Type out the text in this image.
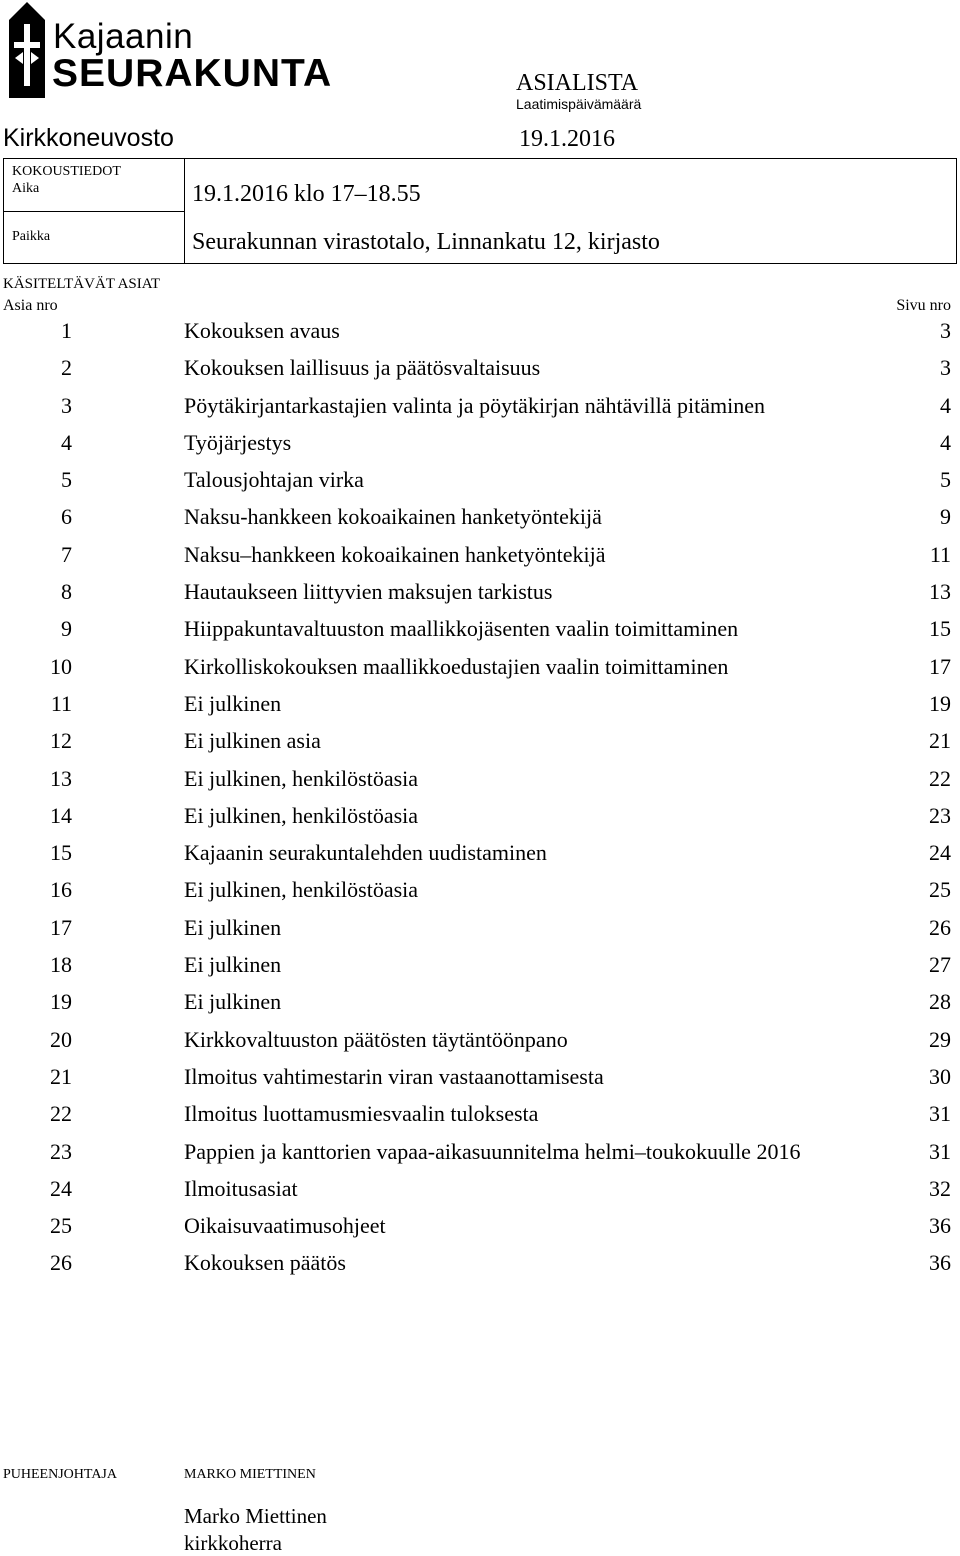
Kajaanin
SEURAKUNTA	ASIALISTA
Laatimispäivämäärä
Kirkkoneuvosto	19.1.2016
KOKOUSTIEDOT
Aika	19.1.2016 klo 17–18.55
Paikka	Seurakunnan virastotalo, Linnankatu 12, kirjasto
KÄSITELTÄVÄT ASIAT
Asia nro	Sivu nro
1	Kokouksen avaus	3
2	Kokouksen laillisuus ja päätösvaltaisuus	3
3	Pöytäkirjantarkastajien valinta ja pöytäkirjan nähtävillä pitäminen	4
4	Työjärjestys	4
5	Talousjohtajan virka	5
6	Naksu-hankkeen kokoaikainen hanketyöntekijä	9
7	Naksu–hankkeen kokoaikainen hanketyöntekijä	11
8	Hautaukseen liittyvien maksujen tarkistus	13
9	Hiippakuntavaltuuston maallikkojäsenten vaalin toimittaminen	15
10	Kirkolliskokouksen maallikkoedustajien vaalin toimittaminen	17
11	Ei julkinen	19
12	Ei julkinen asia	21
13	Ei julkinen, henkilöstöasia	22
14	Ei julkinen, henkilöstöasia	23
15	Kajaanin seurakuntalehden uudistaminen	24
16	Ei julkinen, henkilöstöasia	25
17	Ei julkinen	26
18	Ei julkinen	27
19	Ei julkinen	28
20	Kirkkovaltuuston päätösten täytäntöönpano	29
21	Ilmoitus vahtimestarin viran vastaanottamisesta	30
22	Ilmoitus luottamusmiesvaalin tuloksesta	31
23	Pappien ja kanttorien vapaa-aikasuunnitelma helmi–toukokuulle 2016	31
24	Ilmoitusasiat	32
25	Oikaisuvaatimusohjeet	36
26	Kokouksen päätös	36
PUHEENJOHTAJA	MARKO MIETTINEN
Marko Miettinen
kirkkoherra
